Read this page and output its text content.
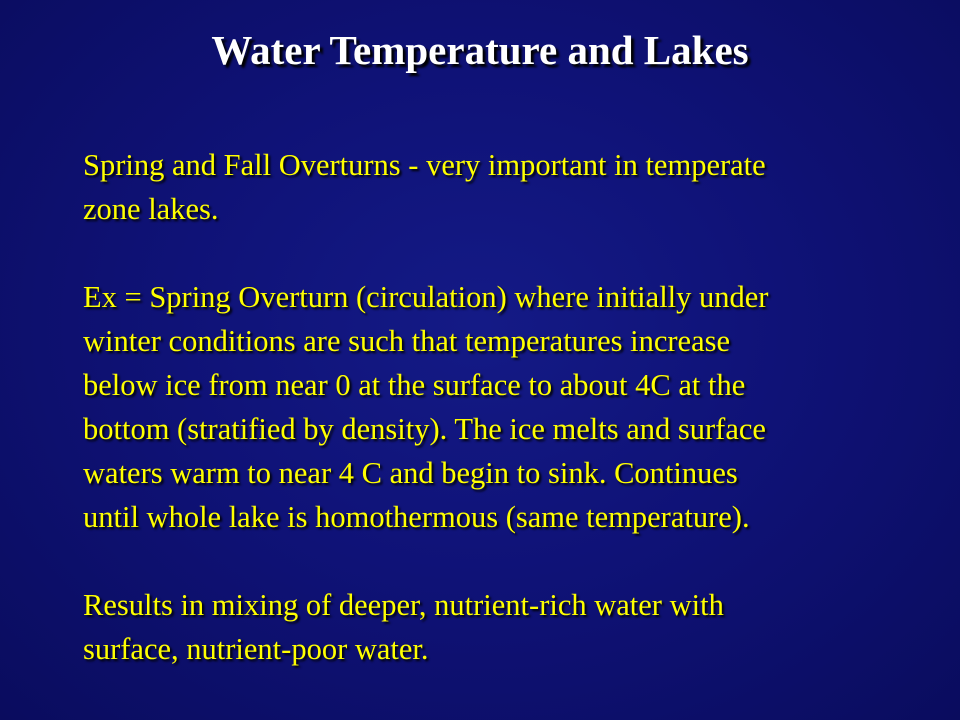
Water Temperature and Lakes

Spring and Fall Overturns - very important in temperate
zone lakes.

Ex = Spring Overturn (circulation) where initially under
winter conditions are such that temperatures increase
below ice from near 0 at the surface to about 4C at the
bottom (stratified by density). The ice melts and surface
waters warm to near 4 C and begin to sink. Continues
until whole lake is homothermous (same temperature).

Results in mixing of deeper, nutrient-rich water with
surface, nutrient-poor water.
